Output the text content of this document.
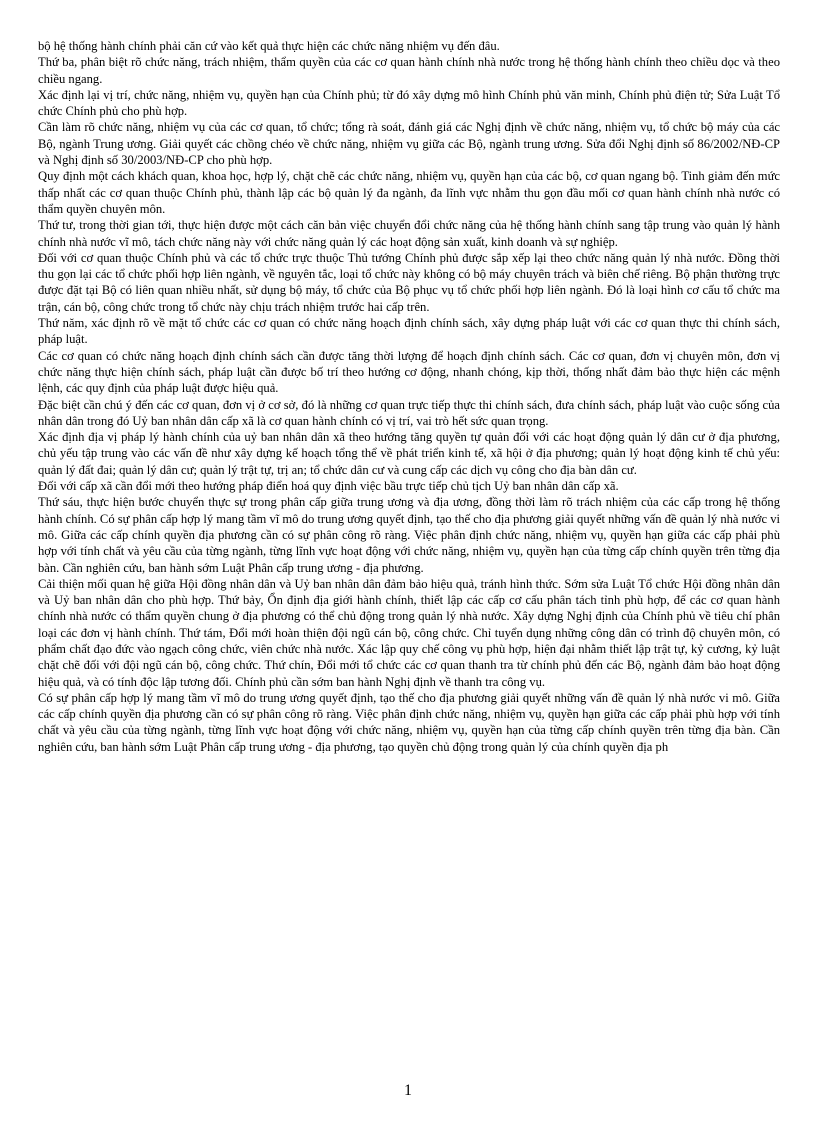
bộ hệ thống hành chính phải căn cứ vào kết quả thực hiện các chức năng nhiệm vụ đến đâu.

Thứ ba, phân biệt rõ chức năng, trách nhiệm, thẩm quyền của các cơ quan hành chính nhà nước trong hệ thống hành chính theo chiều dọc và theo chiều ngang.

Xác định lại vị trí, chức năng, nhiệm vụ, quyền hạn của Chính phủ; từ đó xây dựng mô hình Chính phủ văn minh, Chính phủ điện tử; Sửa Luật Tổ chức Chính phủ cho phù hợp.

Cần làm rõ chức năng, nhiệm vụ của các cơ quan, tổ chức; tổng rà soát, đánh giá các Nghị định về chức năng, nhiệm vụ, tổ chức bộ máy của các Bộ, ngành Trung ương. Giải quyết các chồng chéo về chức năng, nhiệm vụ giữa các Bộ, ngành trung ương. Sửa đổi Nghị định số 86/2002/NĐ-CP và Nghị định số 30/2003/NĐ-CP cho phù hợp.

Quy định một cách khách quan, khoa học, hợp lý, chặt chẽ các chức năng, nhiệm vụ, quyền hạn của các bộ, cơ quan ngang bộ. Tinh giảm đến mức thấp nhất các cơ quan thuộc Chính phủ, thành lập các bộ quản lý đa ngành, đa lĩnh vực nhằm thu gọn đầu mối cơ quan hành chính nhà nước có thẩm quyền chuyên môn.

Thứ tư, trong thời gian tới, thực hiện được một cách căn bản việc chuyển đổi chức năng của hệ thống hành chính sang tập trung vào quản lý hành chính nhà nước vĩ mô, tách chức năng này với chức năng quản lý các hoạt động sản xuất, kinh doanh và sự nghiệp.

Đối với cơ quan thuộc Chính phủ và các tổ chức trực thuộc Thủ tướng Chính phủ được sắp xếp lại theo chức năng quản lý nhà nước. Đồng thời thu gọn lại các tổ chức phối hợp liên ngành, về nguyên tắc, loại tổ chức này không có bộ máy chuyên trách và biên chế riêng. Bộ phận thường trực được đặt tại Bộ có liên quan nhiều nhất, sử dụng bộ máy, tổ chức của Bộ phục vụ tổ chức phối hợp liên ngành. Đó là loại hình cơ cấu tổ chức ma trận, cán bộ, công chức trong tổ chức này chịu trách nhiệm trước hai cấp trên.

Thứ năm, xác định rõ về mặt tổ chức các cơ quan có chức năng hoạch định chính sách, xây dựng pháp luật với các cơ quan thực thi chính sách, pháp luật.

Các cơ quan có chức năng hoạch định chính sách cần được tăng thời lượng để hoạch định chính sách. Các cơ quan, đơn vị chuyên môn, đơn vị chức năng thực hiện chính sách, pháp luật cần được bố trí theo hướng cơ động, nhanh chóng, kịp thời, thống nhất đảm bảo thực hiện các mệnh lệnh, các quy định của pháp luật được hiệu quả.

Đặc biệt cần chú ý đến các cơ quan, đơn vị ở cơ sở, đó là những cơ quan trực tiếp thực thi chính sách, đưa chính sách, pháp luật vào cuộc sống của nhân dân trong đó Uỷ ban nhân dân cấp xã là cơ quan hành chính có vị trí, vai trò hết sức quan trọng.

Xác định địa vị pháp lý hành chính của uỷ ban nhân dân xã theo hướng tăng quyền tự quản đối với các hoạt động quản lý dân cư ở địa phương, chủ yếu tập trung vào các vấn đề như xây dựng kế hoạch tổng thể về phát triển kinh tế, xã hội ở địa phương; quản lý hoạt động kinh tế chủ yếu: quản lý đất đai; quản lý dân cư; quản lý trật tự, trị an; tổ chức dân cư và cung cấp các dịch vụ công cho địa bàn dân cư.

Đối với cấp xã cần đổi mới theo hướng pháp điển hoá quy định việc bầu trực tiếp chủ tịch Uỷ ban nhân dân cấp xã.

Thứ sáu, thực hiện bước chuyển thực sự trong phân cấp giữa trung ương và địa ương, đồng thời làm rõ trách nhiệm của các cấp trong hệ thống hành chính. Có sự phân cấp hợp lý mang tầm vĩ mô do trung ương quyết định, tạo thế cho địa phương giải quyết những vấn đề quản lý nhà nước vi mô. Giữa các cấp chính quyền địa phương cần có sự phân công rõ ràng. Việc phân định chức năng, nhiệm vụ, quyền hạn giữa các cấp phải phù hợp với tính chất và yêu cầu của từng ngành, từng lĩnh vực hoạt động với chức năng, nhiệm vụ, quyền hạn của từng cấp chính quyền trên từng địa bàn. Cần nghiên cứu, ban hành sớm Luật Phân cấp trung ương - địa phương.

Cải thiện mối quan hệ giữa Hội đồng nhân dân và Uỷ ban nhân dân đảm bảo hiệu quả, tránh hình thức. Sớm sửa Luật Tổ chức Hội đồng nhân dân và Uỷ ban nhân dân cho phù hợp. Thứ bảy, Ổn định địa giới hành chính, thiết lập các cấp cơ cấu phân tách tỉnh phù hợp, để các cơ quan hành chính nhà nước có thẩm quyền chung ở địa phương có thể chủ động trong quản lý nhà nước. Xây dựng Nghị định của Chính phủ về tiêu chí phân loại các đơn vị hành chính. Thứ tám, Đổi mới hoàn thiện đội ngũ cán bộ, công chức. Chỉ tuyển dụng những công dân có trình độ chuyên môn, có phẩm chất đạo đức vào ngạch công chức, viên chức nhà nước. Xác lập quy chế công vụ phù hợp, hiện đại nhằm thiết lập trật tự, kỷ cương, kỷ luật chặt chẽ đối với đội ngũ cán bộ, công chức. Thứ chín, Đổi mới tổ chức các cơ quan thanh tra từ chính phủ đến các Bộ, ngành đảm bảo hoạt động hiệu quả, và có tính độc lập tương đối. Chính phủ cần sớm ban hành Nghị định về thanh tra công vụ.

Có sự phân cấp hợp lý mang tầm vĩ mô do trung ương quyết định, tạo thế cho địa phương giải quyết những vấn đề quản lý nhà nước vi mô. Giữa các cấp chính quyền địa phương cần có sự phân công rõ ràng. Việc phân định chức năng, nhiệm vụ, quyền hạn giữa các cấp phải phù hợp với tính chất và yêu cầu của từng ngành, từng lĩnh vực hoạt động với chức năng, nhiệm vụ, quyền hạn của từng cấp chính quyền trên từng địa bàn. Cần nghiên cứu, ban hành sớm Luật Phân cấp trung ương - địa phương, tạo quyền chủ động trong quản lý của chính quyền địa ph

1
